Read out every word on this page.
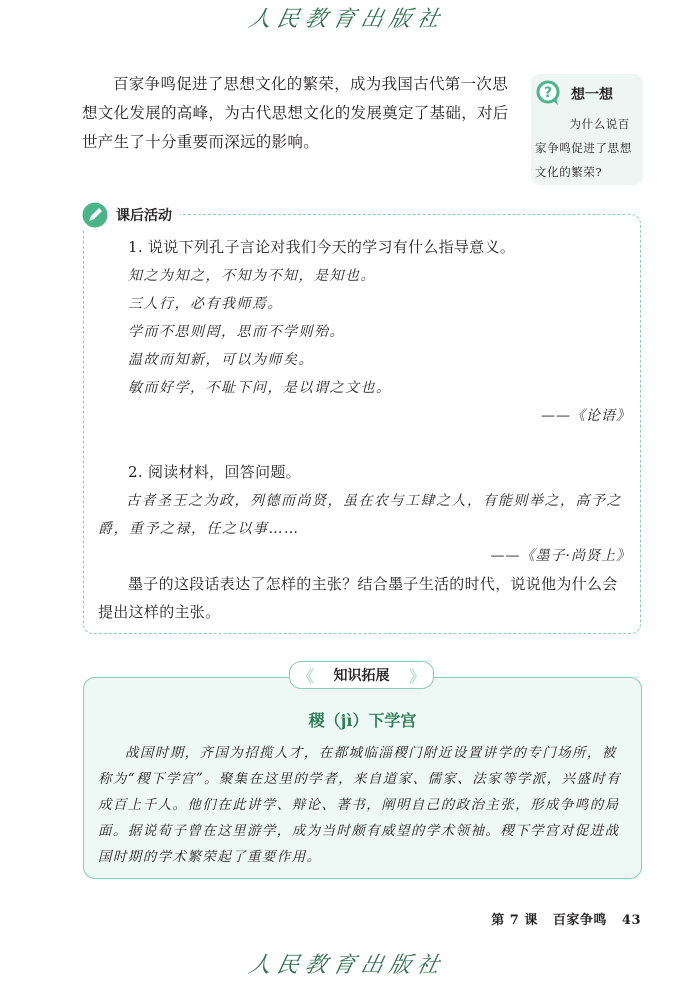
人民教育出版社
百家争鸣促进了思想文化的繁荣，成为我国古代第一次思想文化发展的高峰，为古代思想文化的发展奠定了基础，对后世产生了十分重要而深远的影响。
? 想一想
为什么说百家争鸣促进了思想文化的繁荣?
课后活动
1. 说说下列孔子言论对我们今天的学习有什么指导意义。
知之为知之，不知为不知，是知也。
三人行，必有我师焉。
学而不思则罔，思而不学则殆。
温故而知新，可以为师矣。
敏而好学，不耻下问，是以谓之文也。
——《论语》
2. 阅读材料，回答问题。
古者圣王之为政，列德而尚贤，虽在农与工肆之人，有能则举之，高予之爵，重予之禄，任之以事……
——《墨子·尚贤上》
墨子的这段话表达了怎样的主张？结合墨子生活的时代，说说他为什么会提出这样的主张。
《 知识拓展 》
稷（jì）下学宫
战国时期，齐国为招揽人才，在都城临淄稷门附近设置讲学的专门场所，被称为“稷下学宫”。聚集在这里的学者，来自道家、儒家、法家等学派，兴盛时有成百上千人。他们在此讲学、辩论、著书，阐明自己的政治主张，形成争鸣的局面。据说荀子曾在这里游学，成为当时颇有威望的学术领袖。稷下学宫对促进战国时期的学术繁荣起了重要作用。
第 7 课 百家争鸣 43
人民教育出版社
